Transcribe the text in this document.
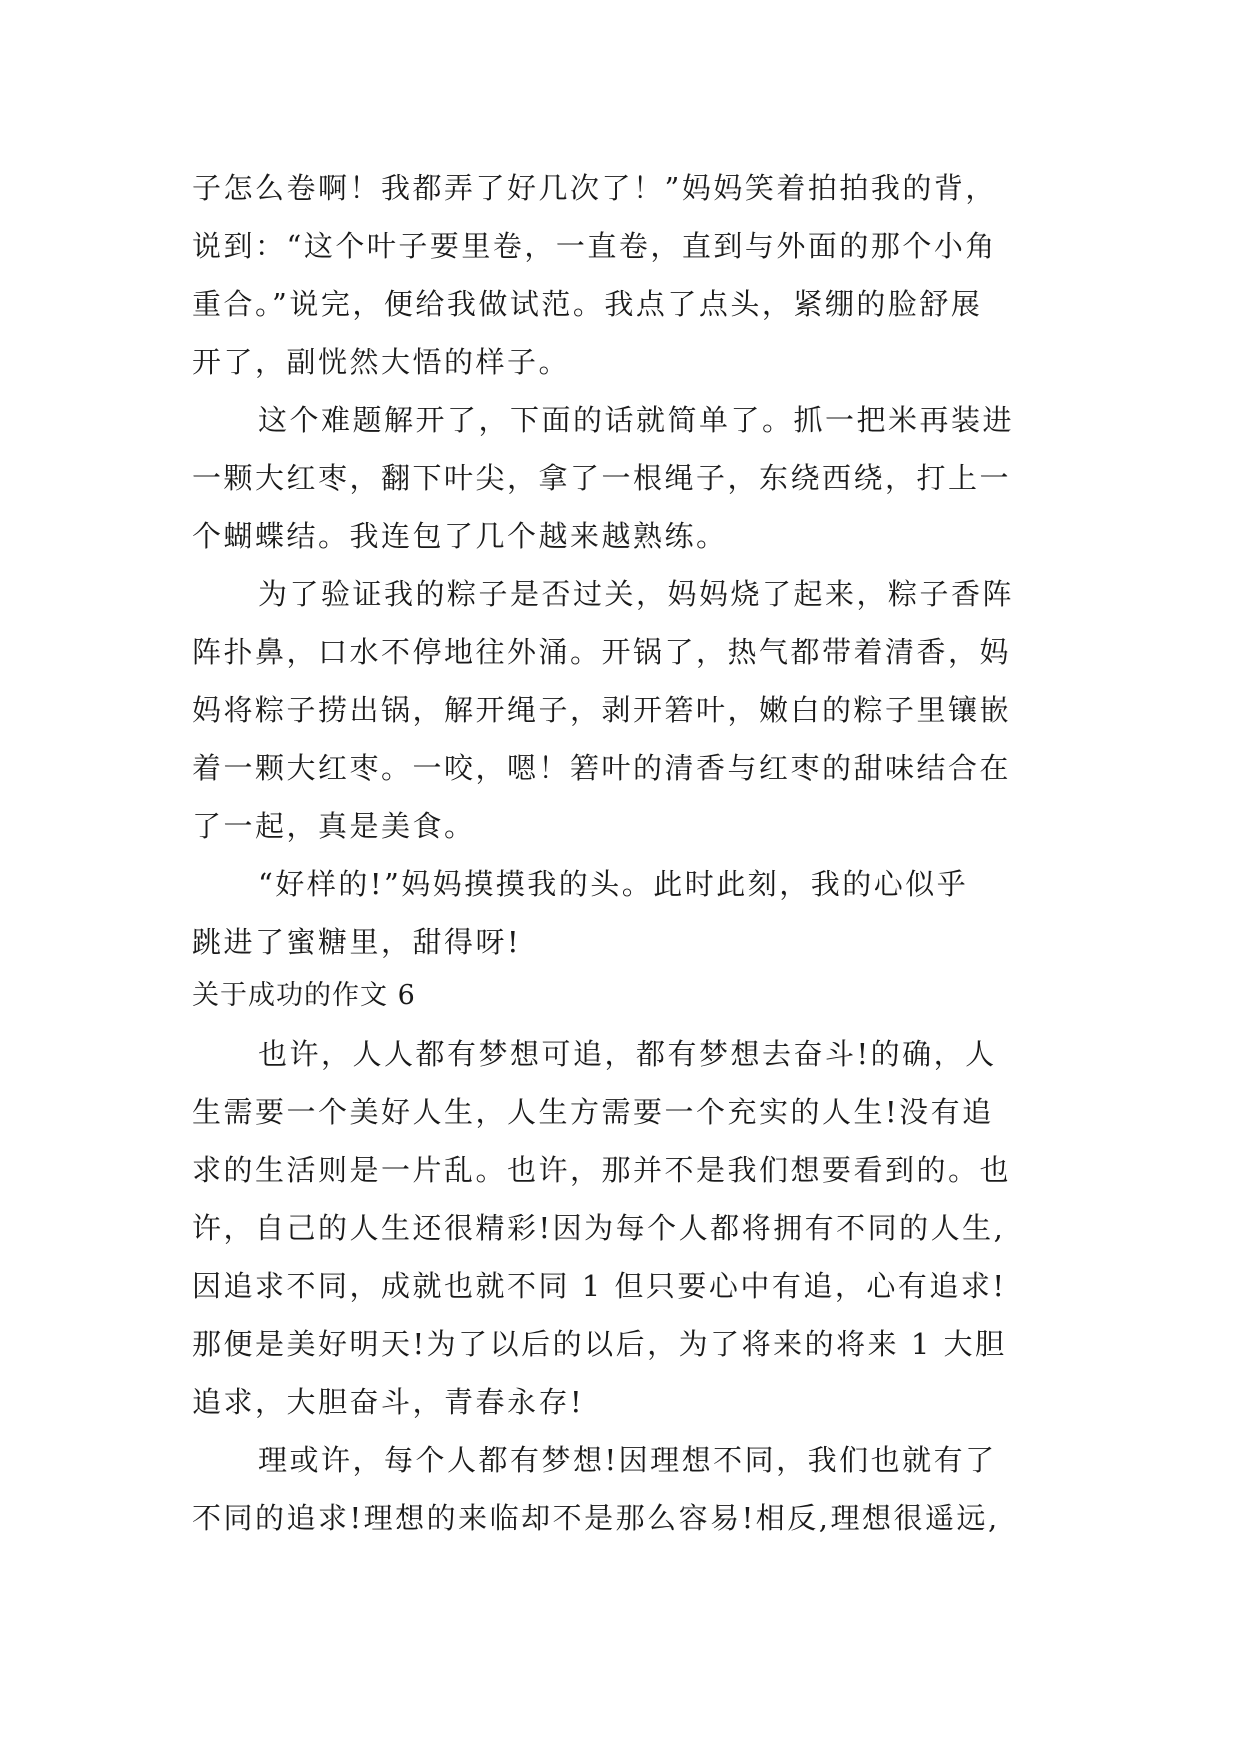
子怎么卷啊！我都弄了好几次了！”妈妈笑着拍拍我的背，
说到：“这个叶子要里卷，一直卷，直到与外面的那个小角
重合。”说完，便给我做试范。我点了点头，紧绷的脸舒展
开了，副恍然大悟的样子。
这个难题解开了，下面的话就简单了。抓一把米再装进
一颗大红枣，翻下叶尖，拿了一根绳子，东绕西绕，打上一
个蝴蝶结。我连包了几个越来越熟练。
为了验证我的粽子是否过关，妈妈烧了起来，粽子香阵
阵扑鼻，口水不停地往外涌。开锅了，热气都带着清香，妈
妈将粽子捞出锅，解开绳子，剥开箬叶，嫩白的粽子里镶嵌
着一颗大红枣。一咬，嗯！箬叶的清香与红枣的甜味结合在
了一起，真是美食。
“好样的!”妈妈摸摸我的头。此时此刻，我的心似乎
跳进了蜜糖里，甜得呀!
关于成功的作文 6
也许，人人都有梦想可追，都有梦想去奋斗!的确，人
生需要一个美好人生，人生方需要一个充实的人生!没有追
求的生活则是一片乱。也许，那并不是我们想要看到的。也
许，自己的人生还很精彩!因为每个人都将拥有不同的人生,
因追求不同，成就也就不同 1 但只要心中有追，心有追求!
那便是美好明天!为了以后的以后，为了将来的将来 1 大胆
追求，大胆奋斗，青春永存!
理或许，每个人都有梦想!因理想不同，我们也就有了
不同的追求!理想的来临却不是那么容易!相反,理想很遥远,
